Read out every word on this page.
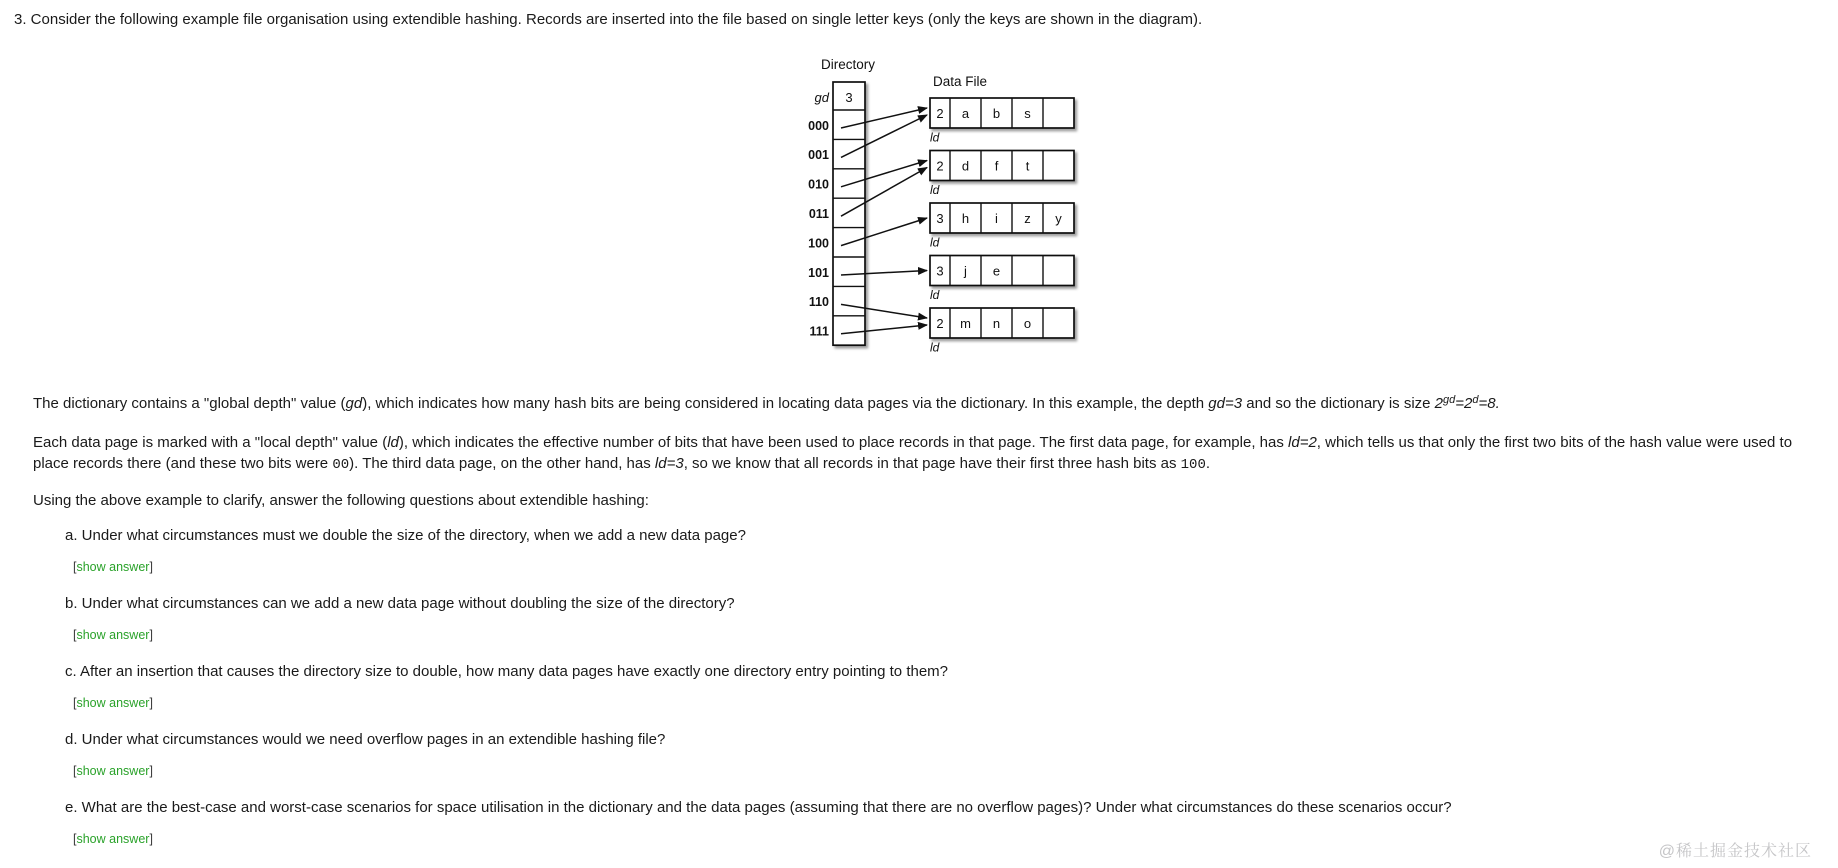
3. Consider the following example file organisation using extendible hashing. Records are inserted into the file based on single letter keys (only the keys are shown in the diagram).
Directory
Data File
gd 3
000
001
010
011
100
101
110
111
2 a b s
ld
2 d f t
ld
3 h i z y
ld
3 j e
ld
2 m n o
ld

The dictionary contains a "global depth" value (gd), which indicates how many hash bits are being considered in locating data pages via the dictionary. In this example, the depth gd=3 and so the dictionary is size $2^{gd}=2^d=8$.

Each data page is marked with a "local depth" value (ld), which indicates the effective number of bits that have been used to place records in that page. The first data page, for example, has ld=2, which tells us that only the first two bits of the hash value were used to place records there (and these two bits were 00). The third data page, on the other hand, has ld=3, so we know that all records in that page have their first three hash bits as 100.

Using the above example to clarify, answer the following questions about extendible hashing:

a. Under what circumstances must we double the size of the directory, when we add a new data page?
[show answer]
b. Under what circumstances can we add a new data page without doubling the size of the directory?
[show answer]
c. After an insertion that causes the directory size to double, how many data pages have exactly one directory entry pointing to them?
[show answer]
d. Under what circumstances would we need overflow pages in an extendible hashing file?
[show answer]
e. What are the best-case and worst-case scenarios for space utilisation in the dictionary and the data pages (assuming that there are no overflow pages)? Under what circumstances do these scenarios occur?
[show answer]
@稀土掘金技术社区
